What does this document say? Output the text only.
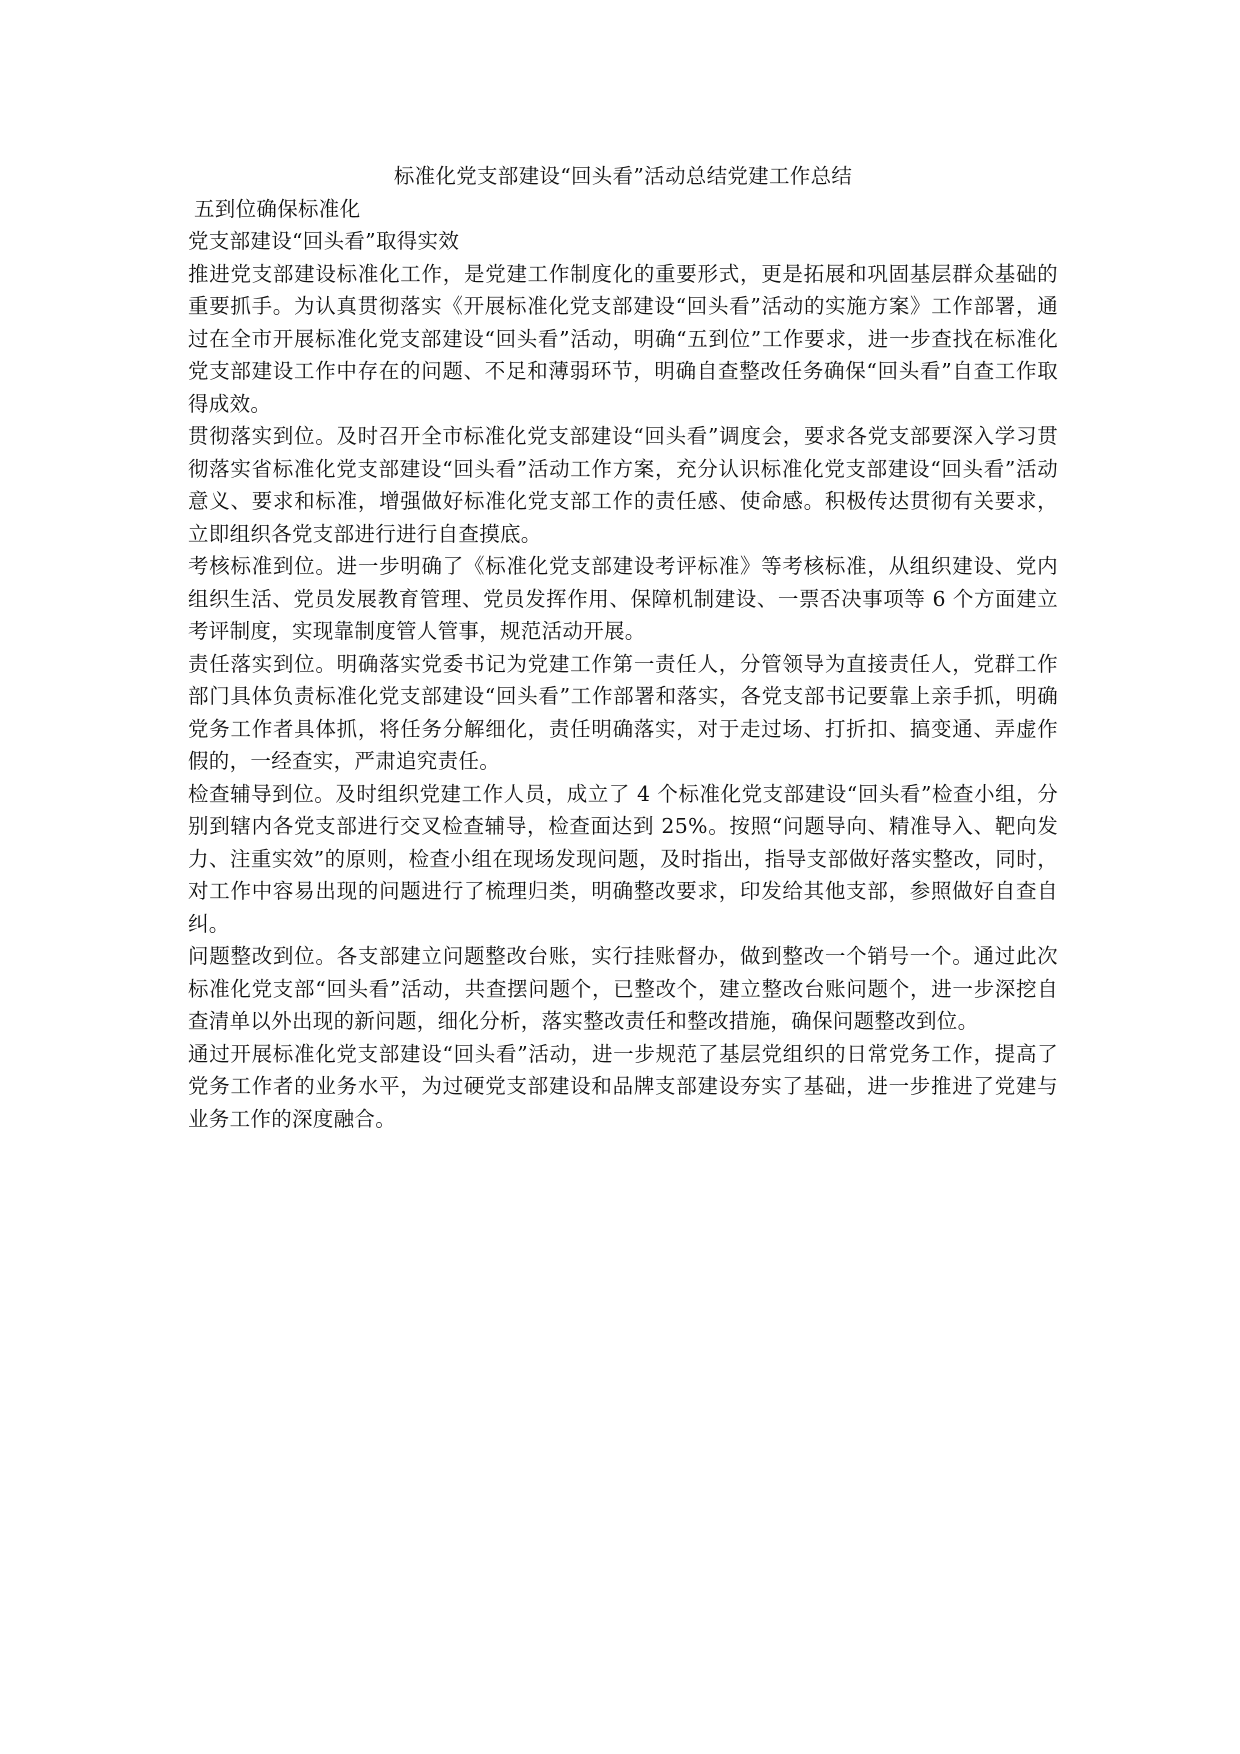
标准化党支部建设“回头看”活动总结党建工作总结

五到位确保标准化

党支部建设“回头看”取得实效

推进党支部建设标准化工作，是党建工作制度化的重要形式，更是拓展和巩固基层群众基础的重要抓手。为认真贯彻落实《开展标准化党支部建设“回头看”活动的实施方案》工作部署，通过在全市开展标准化党支部建设“回头看”活动，明确“五到位”工作要求，进一步查找在标准化党支部建设工作中存在的问题、不足和薄弱环节，明确自查整改任务确保“回头看”自查工作取得成效。

贯彻落实到位。及时召开全市标准化党支部建设“回头看”调度会，要求各党支部要深入学习贯彻落实省标准化党支部建设“回头看”活动工作方案，充分认识标准化党支部建设“回头看”活动意义、要求和标准，增强做好标准化党支部工作的责任感、使命感。积极传达贯彻有关要求，立即组织各党支部进行进行自查摸底。

考核标准到位。进一步明确了《标准化党支部建设考评标准》等考核标准，从组织建设、党内组织生活、党员发展教育管理、党员发挥作用、保障机制建设、一票否决事项等 6 个方面建立考评制度，实现靠制度管人管事，规范活动开展。

责任落实到位。明确落实党委书记为党建工作第一责任人，分管领导为直接责任人，党群工作部门具体负责标准化党支部建设“回头看”工作部署和落实，各党支部书记要靠上亲手抓，明确党务工作者具体抓，将任务分解细化，责任明确落实，对于走过场、打折扣、搞变通、弄虚作假的，一经查实，严肃追究责任。

检查辅导到位。及时组织党建工作人员，成立了 4 个标准化党支部建设“回头看”检查小组，分别到辖内各党支部进行交叉检查辅导，检查面达到 25%。按照“问题导向、精准导入、靶向发力、注重实效”的原则，检查小组在现场发现问题，及时指出，指导支部做好落实整改，同时，对工作中容易出现的问题进行了梳理归类，明确整改要求，印发给其他支部，参照做好自查自纠。

问题整改到位。各支部建立问题整改台账，实行挂账督办，做到整改一个销号一个。通过此次标准化党支部“回头看”活动，共查摆问题个，已整改个，建立整改台账问题个，进一步深挖自查清单以外出现的新问题，细化分析，落实整改责任和整改措施，确保问题整改到位。

通过开展标准化党支部建设“回头看”活动，进一步规范了基层党组织的日常党务工作，提高了党务工作者的业务水平，为过硬党支部建设和品牌支部建设夯实了基础，进一步推进了党建与业务工作的深度融合。
